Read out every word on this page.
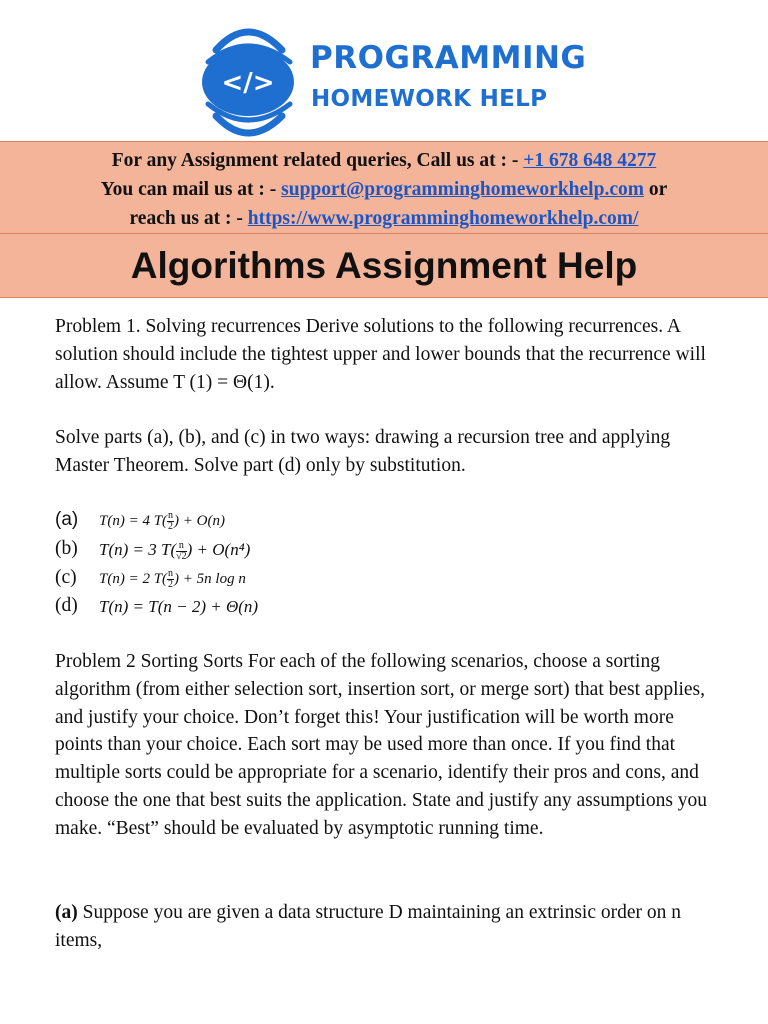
</>
PROGRAMMING
HOMEWORK HELP
For any Assignment related queries, Call us at : - +1 678 648 4277
You can mail us at : - support@programminghomeworkhelp.com or
reach us at : - https://www.programminghomeworkhelp.com/
Algorithms Assignment Help

Problem 1. Solving recurrences Derive solutions to the following recurrences. A solution should include the tightest upper and lower bounds that the recurrence will allow. Assume T (1) = Θ(1).

Solve parts (a), (b), and (c) in two ways: drawing a recursion tree and applying Master Theorem. Solve part (d) only by substitution.

(a) T(n) = 4 $T( \frac{n}{2}$ ) + O(n)
(b) T(n) = 3 $T( \frac{n}{√2}$ ) + O(n⁴)
(c) T(n) = 2 $T( \frac{n}{2}$ ) + 5n log n
(d) T(n) = T(n − 2) + Θ(n)

Problem 2 Sorting Sorts For each of the following scenarios, choose a sorting algorithm (from either selection sort, insertion sort, or merge sort) that best applies, and justify your choice. Don’t forget this! Your justification will be worth more points than your choice. Each sort may be used more than once. If you find that multiple sorts could be appropriate for a scenario, identify their pros and cons, and choose the one that best suits the application. State and justify any assumptions you make. “Best” should be evaluated by asymptotic running time.

(a) Suppose you are given a data structure D maintaining an extrinsic order on n items,
